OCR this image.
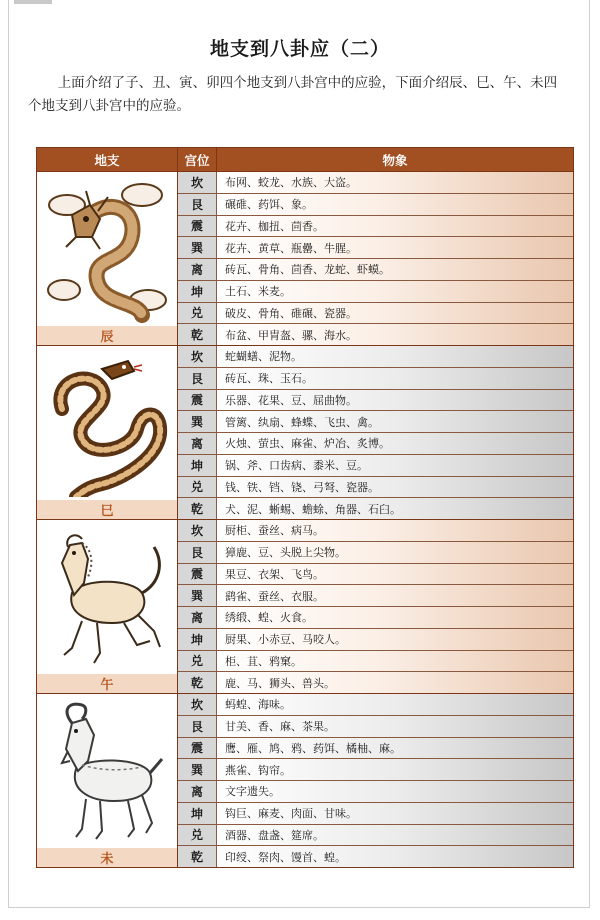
地支到八卦应（二）

上面介绍了子、丑、寅、卯四个地支到八卦宫中的应验，下面介绍辰、巳、午、未四个地支到八卦宫中的应验。

地支	宫位	物象
辰
坎	布网、蛟龙、水族、大盗。
艮	碾碓、药饵、象。
震	花卉、枷扭、茴香。
巽	花卉、黄草、瓶罍、牛腥。
离	砖瓦、骨角、茴香、龙蛇、虾蟆。
坤	土石、米麦。
兑	破皮、骨角、碓碾、瓷器。
乾	布盆、甲胄盔、骡、海水。
巳
坎	蛇蝴蟮、泥物。
艮	砖瓦、珠、玉石。
震	乐器、花果、豆、屈曲物。
巽	管篱、纨扇、蜂蝶、飞虫、禽。
离	火烛、萤虫、麻雀、炉冶、炙博。
坤	锅、斧、口齿病、黍米、豆。
兑	钱、铁、铛、铙、弓弩、瓷器。
乾	犬、泥、蜥蜴、蟾蜍、角器、石臼。
午
坎	厨柜、蚕丝、病马。
艮	獐鹿、豆、头脱上尖物。
震	果豆、衣架、飞鸟。
巽	鹞雀、蚕丝、衣服。
离	绣缎、蝗、火食。
坤	厨果、小赤豆、马咬人。
兑	柜、苴、鸦窠。
乾	鹿、马、狮头、兽头。
未
坎	蚂蝗、海味。
艮	甘美、香、麻、茶果。
震	鹰、雁、鸠、鸦、药饵、橘柚、麻。
巽	燕雀、钩帘。
离	文字遗失。
坤	钩巨、麻麦、肉面、甘味。
兑	酒器、盘盏、筵席。
乾	印绶、祭肉、馒首、蝗。
